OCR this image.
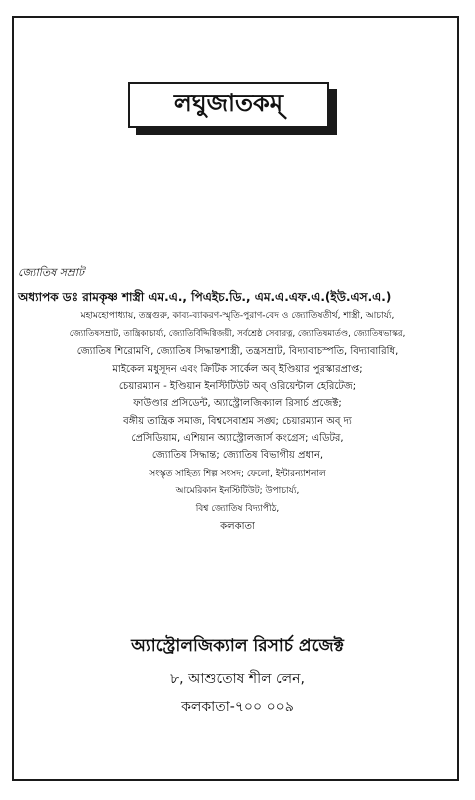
লঘুজাতকম্
জ্যোতিষ সম্রাট
অধ্যাপক ডঃ রামকৃষ্ণ শাস্ত্রী এম.এ., পিএইচ.ডি., এম.এ.এফ.এ.(ইউ.এস.এ.)
মহামহোপাধ্যায়, তন্ত্রগুরু, কাব্য-ব্যাকরণ-স্মৃতি-পুরাণ-বেদ ও জ্যোতিষতীর্থ, শাস্ত্রী, আচার্য্য,
জ্যোতিষসম্রাট, তান্ত্রিকাচার্য্য, জ্যোতির্বিদ্দিগ্বিজয়ী, সর্বশ্রেষ্ঠ সেবারত্ন, জ্যোতিষমার্তণ্ড, জ্যোতিষভাস্কর,
জ্যোতিষ শিরোমণি, জ্যোতিষ সিদ্ধান্তশাস্ত্রী, তন্ত্রসম্রাট, বিদ্যাবাচস্পতি, বিদ্যাবারিধি,
মাইকেল মধুসূদন এবং ক্রিটিক সার্কেল অব্ ইণ্ডিয়ার পুরস্কারপ্রাপ্ত;
চেয়ারম্যান - ইণ্ডিয়ান ইনস্টিটিউট অব্ ওরিয়েন্টাল হেরিটেজ;
ফাউণ্ডার প্রসিডেন্ট, অ্যাস্ট্রোলজিক্যাল রিসার্চ প্রজেক্ট;
বঙ্গীয় তান্ত্রিক সমাজ, বিশ্বসেবাশ্রম সঙ্ঘ; চেয়ারম্যান অব্ দ্য
প্রেসিডিয়াম, এশিয়ান অ্যাস্ট্রোলজার্স কংগ্রেস; এডিটর,
জ্যোতিষ সিদ্ধান্ত; জ্যোতিষ বিভাগীয় প্রধান,
সংস্কৃত সাহিত্য শিল্প সংসদ; ফেলো, ইন্টারন্যাশনাল
আমেরিকান ইনস্টিটিউট; উপাচার্য্য,
বিশ্ব জ্যোতিষ বিদ্যাপীঠ,
কলকাতা
অ্যাস্ট্রোলজিক্যাল রিসার্চ প্রজেক্ট
৮, আশুতোষ শীল লেন,
কলকাতা-৭০০ ০০৯
